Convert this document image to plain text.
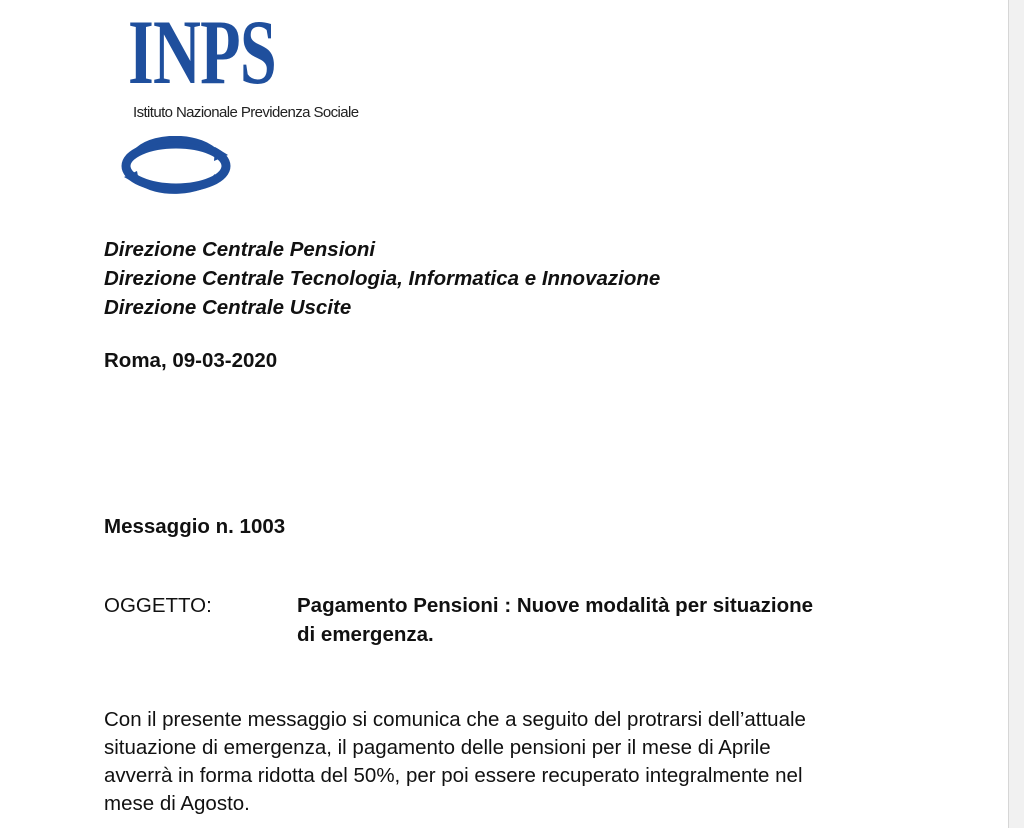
INPS
Istituto Nazionale Previdenza Sociale
Direzione Centrale Pensioni
Direzione Centrale Tecnologia, Informatica e Innovazione
Direzione Centrale Uscite
Roma, 09-03-2020
Messaggio n. 1003
OGGETTO:	Pagamento Pensioni : Nuove modalità per situazione
di emergenza.
Con il presente messaggio si comunica che a seguito del protrarsi dell’attuale
situazione di emergenza, il pagamento delle pensioni per il mese di Aprile
avverrà in forma ridotta del 50%, per poi essere recuperato integralmente nel
mese di Agosto.
